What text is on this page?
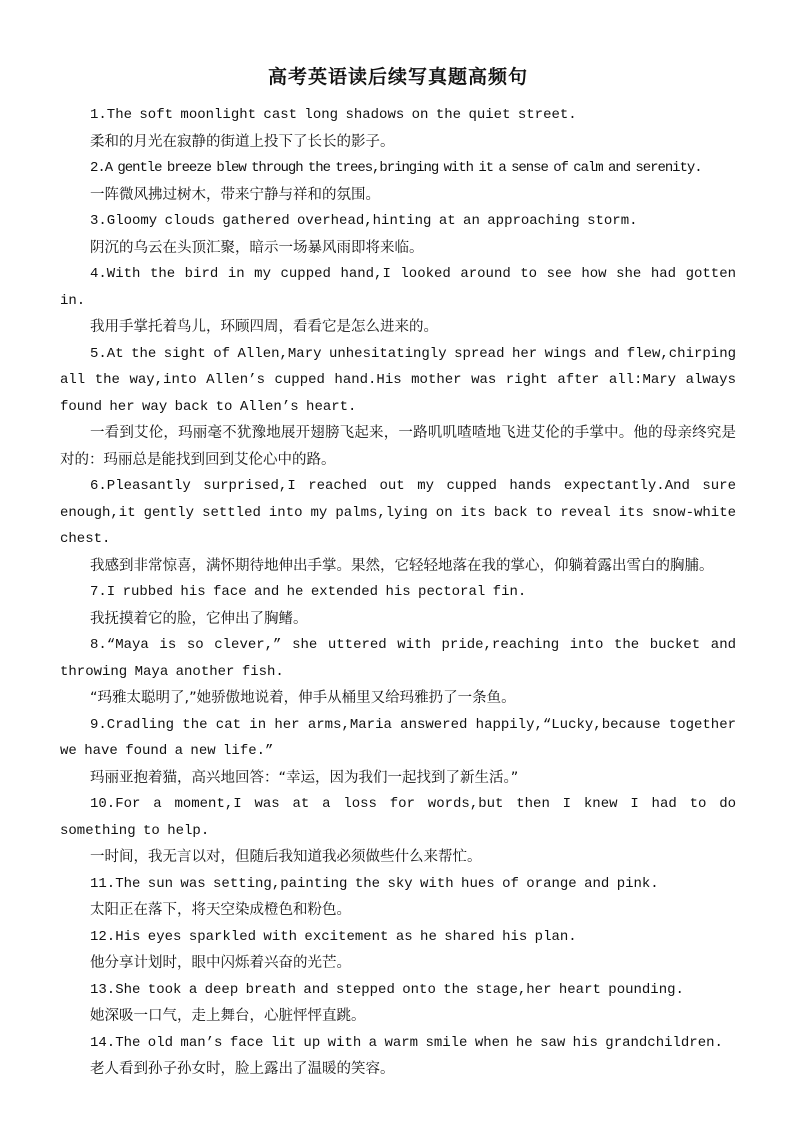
高考英语读后续写真题高频句

1.The soft moonlight cast long shadows on the quiet street.

柔和的月光在寂静的街道上投下了长长的影子。

2.A gentle breeze blew through the trees,bringing with it a sense of calm and serenity.

一阵微风拂过树木，带来宁静与祥和的氛围。

3.Gloomy clouds gathered overhead,hinting at an approaching storm.

阴沉的乌云在头顶汇聚，暗示一场暴风雨即将来临。

4.With the bird in my cupped hand,I looked around to see how she had gotten in.

我用手掌托着鸟儿，环顾四周，看看它是怎么进来的。

5.At the sight of Allen,Mary unhesitatingly spread her wings and flew,chirping all the way,into Allen’s cupped hand.His mother was right after all:Mary always found her way back to Allen’s heart.

一看到艾伦，玛丽毫不犹豫地展开翅膀飞起来，一路叽叽喳喳地飞进艾伦的手掌中。他的母亲终究是对的：玛丽总是能找到回到艾伦心中的路。

6.Pleasantly surprised,I reached out my cupped hands expectantly.And sure enough,it gently settled into my palms,lying on its back to reveal its snow-white chest.

我感到非常惊喜，满怀期待地伸出手掌。果然，它轻轻地落在我的掌心，仰躺着露出雪白的胸脯。

7.I rubbed his face and he extended his pectoral fin.

我抚摸着它的脸，它伸出了胸鳍。

8.“Maya is so clever,” she uttered with pride,reaching into the bucket and throwing Maya another fish.

“玛雅太聪明了,”她骄傲地说着，伸手从桶里又给玛雅扔了一条鱼。

9.Cradling the cat in her arms,Maria answered happily,“Lucky,because together we have found a new life.”

玛丽亚抱着猫，高兴地回答：“幸运，因为我们一起找到了新生活。”

10.For a moment,I was at a loss for words,but then I knew I had to do something to help.

一时间，我无言以对，但随后我知道我必须做些什么来帮忙。

11.The sun was setting,painting the sky with hues of orange and pink.

太阳正在落下，将天空染成橙色和粉色。

12.His eyes sparkled with excitement as he shared his plan.

他分享计划时，眼中闪烁着兴奋的光芒。

13.She took a deep breath and stepped onto the stage,her heart pounding.

她深吸一口气，走上舞台，心脏怦怦直跳。

14.The old man’s face lit up with a warm smile when he saw his grandchildren.

老人看到孙子孙女时，脸上露出了温暖的笑容。
